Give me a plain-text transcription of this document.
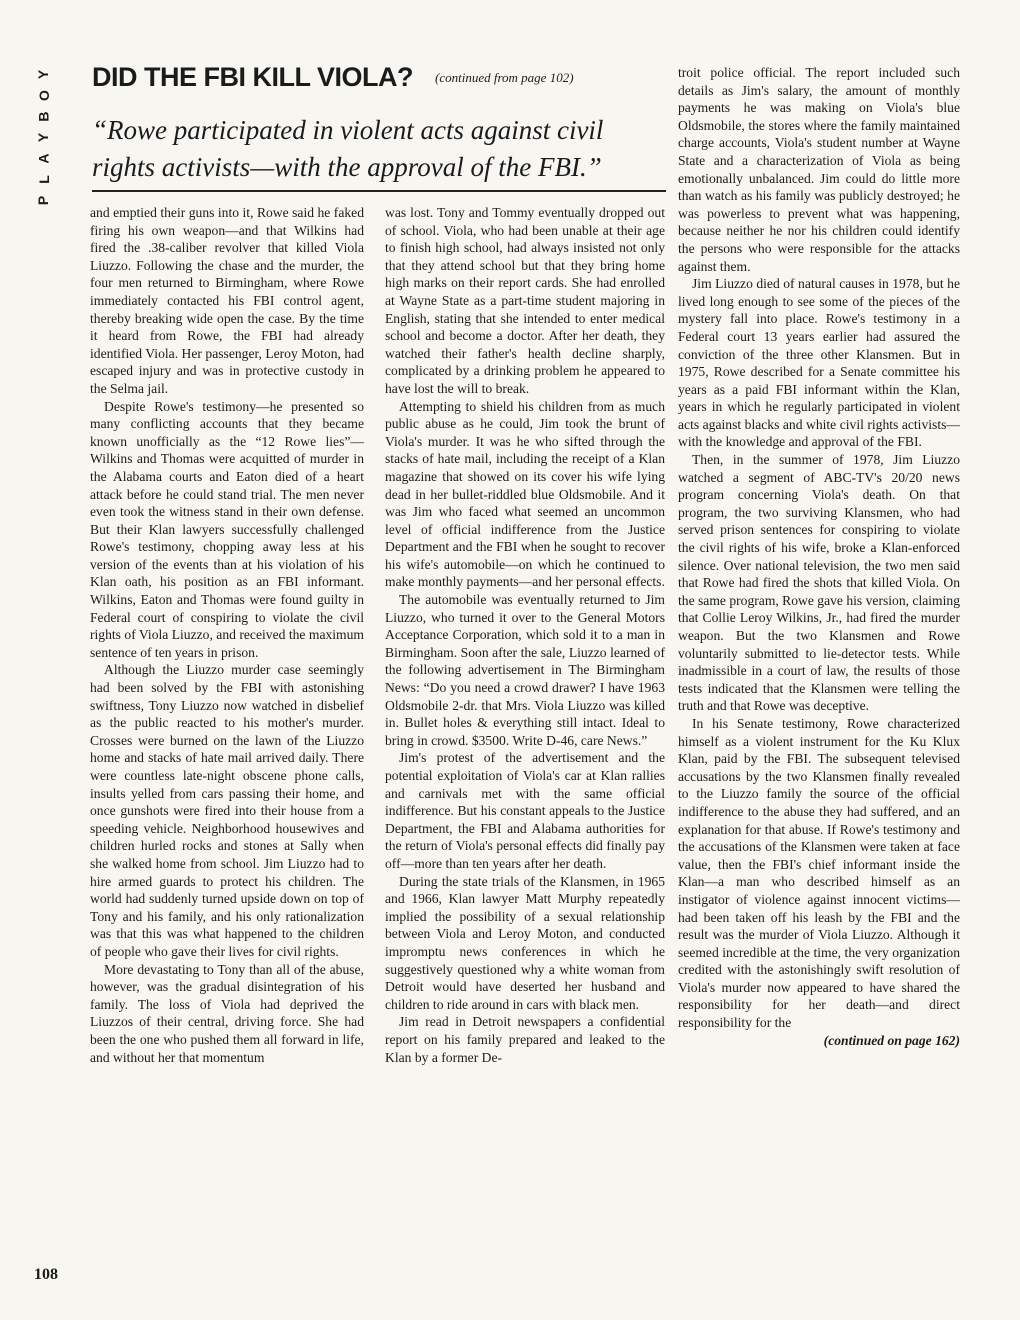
Y
O
B
Y
A
L
P
DID THE FBI KILL VIOLA? (continued from page 102)
“Rowe participated in violent acts against civil rights activists—with the approval of the FBI.”

and emptied their guns into it, Rowe said he faked firing his own weapon—and that Wilkins had fired the .38-caliber revolver that killed Viola Liuzzo. Following the chase and the murder, the four men returned to Birmingham, where Rowe immediately contacted his FBI control agent, thereby breaking wide open the case. By the time it heard from Rowe, the FBI had already identified Viola. Her passenger, Leroy Moton, had escaped injury and was in protective custody in the Selma jail.

Despite Rowe's testimony—he presented so many conflicting accounts that they became known unofficially as the “12 Rowe lies”—Wilkins and Thomas were acquitted of murder in the Alabama courts and Eaton died of a heart attack before he could stand trial. The men never even took the witness stand in their own defense. But their Klan lawyers successfully challenged Rowe's testimony, chopping away less at his version of the events than at his violation of his Klan oath, his position as an FBI informant. Wilkins, Eaton and Thomas were found guilty in Federal court of conspiring to violate the civil rights of Viola Liuzzo, and received the maximum sentence of ten years in prison.

Although the Liuzzo murder case seemingly had been solved by the FBI with astonishing swiftness, Tony Liuzzo now watched in disbelief as the public reacted to his mother's murder. Crosses were burned on the lawn of the Liuzzo home and stacks of hate mail arrived daily. There were countless late-night obscene phone calls, insults yelled from cars passing their home, and once gunshots were fired into their house from a speeding vehicle. Neighborhood housewives and children hurled rocks and stones at Sally when she walked home from school. Jim Liuzzo had to hire armed guards to protect his children. The world had suddenly turned upside down on top of Tony and his family, and his only rationalization was that this was what happened to the children of people who gave their lives for civil rights.

More devastating to Tony than all of the abuse, however, was the gradual disintegration of his family. The loss of Viola had deprived the Liuzzos of their central, driving force. She had been the one who pushed them all forward in life, and without her that momentum

was lost. Tony and Tommy eventually dropped out of school. Viola, who had been unable at their age to finish high school, had always insisted not only that they attend school but that they bring home high marks on their report cards. She had enrolled at Wayne State as a part-time student majoring in English, stating that she intended to enter medical school and become a doctor. After her death, they watched their father's health decline sharply, complicated by a drinking problem he appeared to have lost the will to break.

Attempting to shield his children from as much public abuse as he could, Jim took the brunt of Viola's murder. It was he who sifted through the stacks of hate mail, including the receipt of a Klan magazine that showed on its cover his wife lying dead in her bullet-riddled blue Oldsmobile. And it was Jim who faced what seemed an uncommon level of official indifference from the Justice Department and the FBI when he sought to recover his wife's automobile—on which he continued to make monthly payments—and her personal effects.

The automobile was eventually returned to Jim Liuzzo, who turned it over to the General Motors Acceptance Corporation, which sold it to a man in Birmingham. Soon after the sale, Liuzzo learned of the following advertisement in The Birmingham News: “Do you need a crowd drawer? I have 1963 Oldsmobile 2-dr. that Mrs. Viola Liuzzo was killed in. Bullet holes & everything still intact. Ideal to bring in crowd. $3500. Write D-46, care News.”

Jim's protest of the advertisement and the potential exploitation of Viola's car at Klan rallies and carnivals met with the same official indifference. But his constant appeals to the Justice Department, the FBI and Alabama authorities for the return of Viola's personal effects did finally pay off—more than ten years after her death.

During the state trials of the Klansmen, in 1965 and 1966, Klan lawyer Matt Murphy repeatedly implied the possibility of a sexual relationship between Viola and Leroy Moton, and conducted impromptu news conferences in which he suggestively questioned why a white woman from Detroit would have deserted her husband and children to ride around in cars with black men.

Jim read in Detroit newspapers a confidential report on his family prepared and leaked to the Klan by a former De-

troit police official. The report included such details as Jim's salary, the amount of monthly payments he was making on Viola's blue Oldsmobile, the stores where the family maintained charge accounts, Viola's student number at Wayne State and a characterization of Viola as being emotionally unbalanced. Jim could do little more than watch as his family was publicly destroyed; he was powerless to prevent what was happening, because neither he nor his children could identify the persons who were responsible for the attacks against them.

Jim Liuzzo died of natural causes in 1978, but he lived long enough to see some of the pieces of the mystery fall into place. Rowe's testimony in a Federal court 13 years earlier had assured the conviction of the three other Klansmen. But in 1975, Rowe described for a Senate committee his years as a paid FBI informant within the Klan, years in which he regularly participated in violent acts against blacks and white civil rights activists—with the knowledge and approval of the FBI.

Then, in the summer of 1978, Jim Liuzzo watched a segment of ABC-TV's 20/20 news program concerning Viola's death. On that program, the two surviving Klansmen, who had served prison sentences for conspiring to violate the civil rights of his wife, broke a Klan-enforced silence. Over national television, the two men said that Rowe had fired the shots that killed Viola. On the same program, Rowe gave his version, claiming that Collie Leroy Wilkins, Jr., had fired the murder weapon. But the two Klansmen and Rowe voluntarily submitted to lie-detector tests. While inadmissible in a court of law, the results of those tests indicated that the Klansmen were telling the truth and that Rowe was deceptive.

In his Senate testimony, Rowe characterized himself as a violent instrument for the Ku Klux Klan, paid by the FBI. The subsequent televised accusations by the two Klansmen finally revealed to the Liuzzo family the source of the official indifference to the abuse they had suffered, and an explanation for that abuse. If Rowe's testimony and the accusations of the Klansmen were taken at face value, then the FBI's chief informant inside the Klan—a man who described himself as an instigator of violence against innocent victims—had been taken off his leash by the FBI and the result was the murder of Viola Liuzzo. Although it seemed incredible at the time, the very organization credited with the astonishingly swift resolution of Viola's murder now appeared to have shared the responsibility for her death—and direct responsibility for the

(continued on page 162)
108
